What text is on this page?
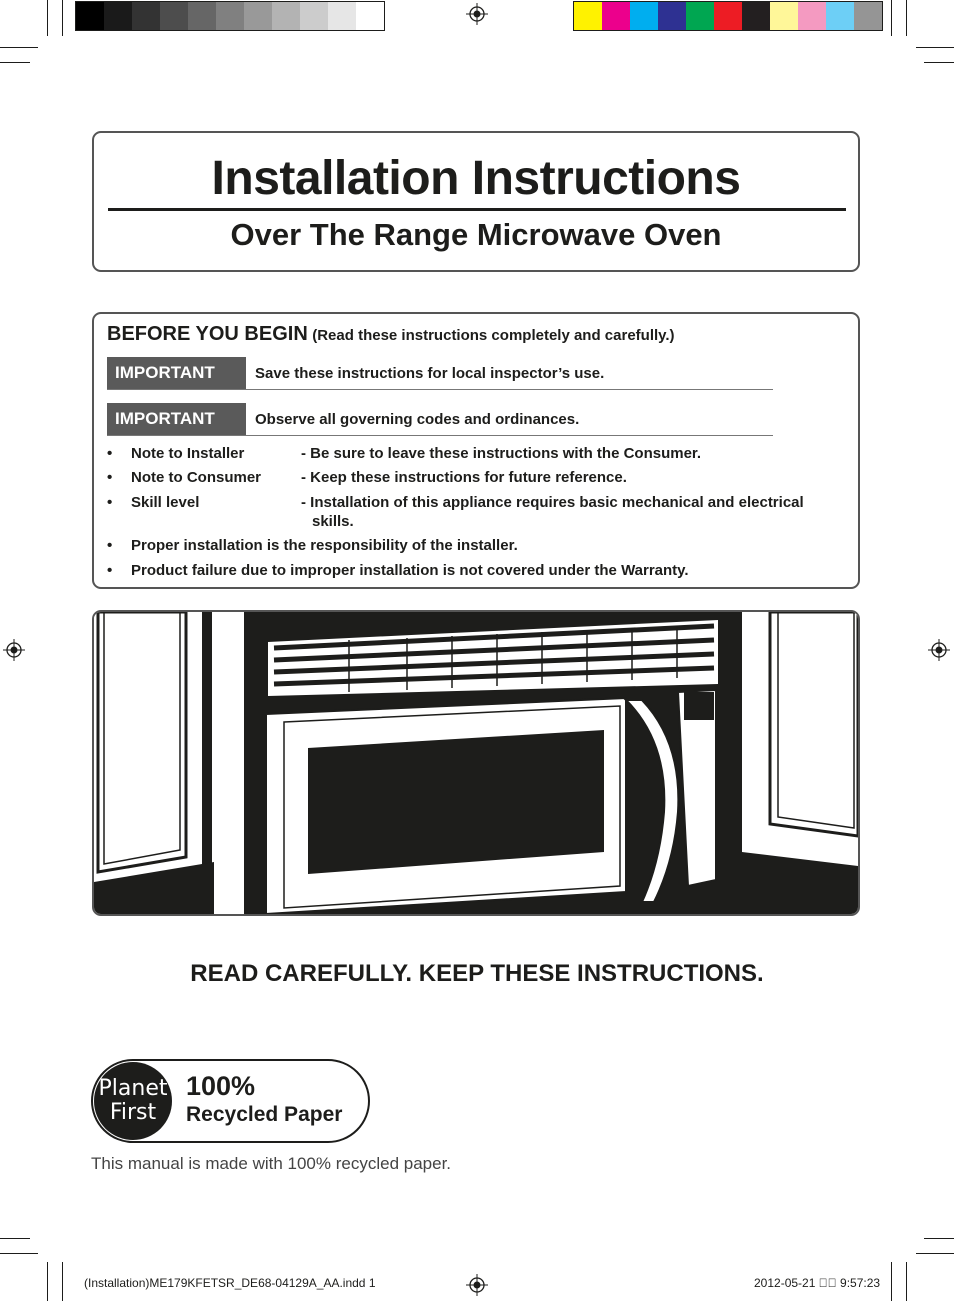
Installation Instructions
Over The Range Microwave Oven
BEFORE YOU BEGIN (Read these instructions completely and carefully.)
IMPORTANT	Save these instructions for local inspector’s use.
IMPORTANT	Observe all governing codes and ordinances.
• Note to Installer	- Be sure to leave these instructions with the Consumer.
• Note to Consumer	- Keep these instructions for future reference.
• Skill level	- Installation of this appliance requires basic mechanical and electrical skills.
• Proper installation is the responsibility of the installer.
• Product failure due to improper installation is not covered under the Warranty.
READ CAREFULLY. KEEP THESE INSTRUCTIONS.
Planet
First
100%
Recycled Paper
This manual is made with 100% recycled paper.
(Installation)ME179KFETSR_DE68-04129A_AA.indd 1	2012-05-21 ￿￿ 9:57:23
